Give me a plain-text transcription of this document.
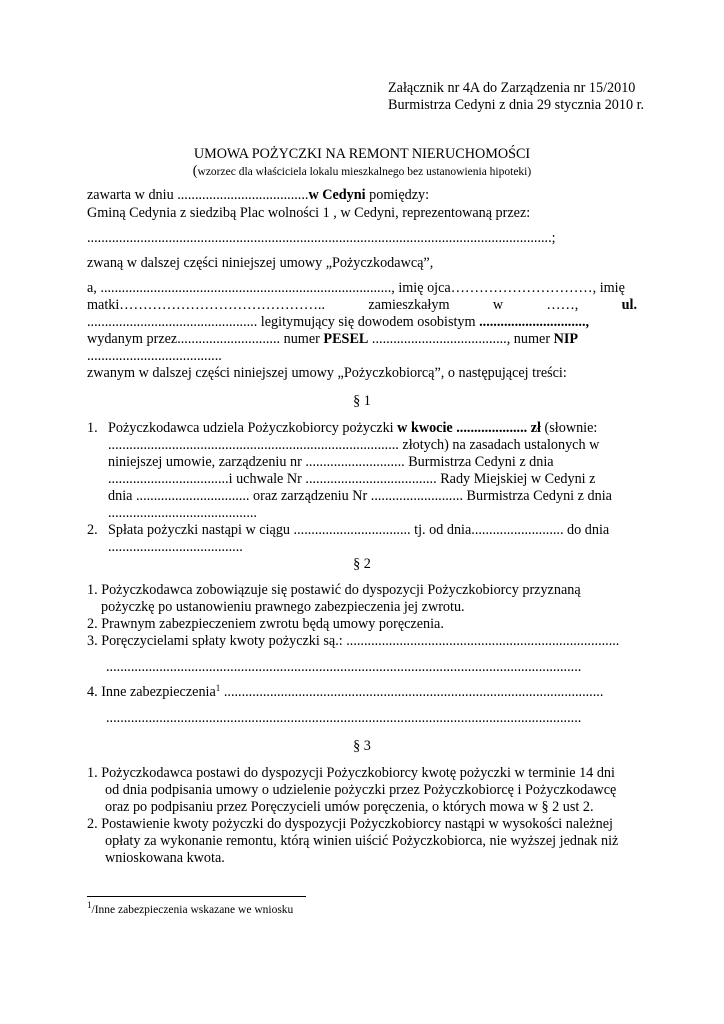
Załącznik nr 4A do Zarządzenia nr 15/2010
Burmistrza Cedyni z dnia 29 stycznia 2010 r.
UMOWA POŻYCZKI NA REMONT NIERUCHOMOŚCI
(wzorzec dla właściciela lokalu mieszkalnego bez ustanowienia hipoteki)
zawarta w dniu .....................................w Cedyni pomiędzy:
Gminą Cedynia z siedzibą Plac wolności 1 , w Cedyni, reprezentowaną przez:
...................................................................................................................................;
zwaną w dalszej części niniejszej umowy „Pożyczkodawcą”,
a, .................................................................................., imię ojca…………………………, imię
matki……………………………………..	zamieszkałym	w	……,	ul.
................................................ legitymujący się dowodem osobistym ..............................,
wydanym przez............................. numer PESEL ......................................, numer NIP
......................................
zwanym w dalszej części niniejszej umowy „Pożyczkobiorcą”, o następującej treści:
§ 1
1. Pożyczkodawca udziela Pożyczkobiorcy pożyczki w kwocie .................... zł (słownie:
.................................................................................. złotych) na zasadach ustalonych w
niniejszej umowie, zarządzeniu nr ............................ Burmistrza Cedyni z dnia
..................................i uchwale Nr ..................................... Rady Miejskiej w Cedyni z
dnia ................................ oraz zarządzeniu Nr .......................... Burmistrza Cedyni z dnia
..........................................
2. Spłata pożyczki nastąpi w ciągu ................................. tj. od dnia.......................... do dnia
......................................
§ 2
1. Pożyczkodawca zobowiązuje się postawić do dyspozycji Pożyczkobiorcy przyznaną
pożyczkę po ustanowieniu prawnego zabezpieczenia jej zwrotu.
2. Prawnym zabezpieczeniem zwrotu będą umowy poręczenia.
3. Poręczycielami spłaty kwoty pożyczki są.: .............................................................................
......................................................................................................................................
4. Inne zabezpieczenia$^1$ ...........................................................................................................
......................................................................................................................................
§ 3
1. Pożyczkodawca postawi do dyspozycji Pożyczkobiorcy kwotę pożyczki w terminie 14 dni
od dnia podpisania umowy o udzielenie pożyczki przez Pożyczkobiorcę i Pożyczkodawcę
oraz po podpisaniu przez Poręczycieli umów poręczenia, o których mowa w § 2 ust 2.
2. Postawienie kwoty pożyczki do dyspozycji Pożyczkobiorcy nastąpi w wysokości należnej
opłaty za wykonanie remontu, którą winien uiścić Pożyczkobiorca, nie wyższej jednak niż
wnioskowana kwota.
$^1$/Inne zabezpieczenia wskazane we wniosku
